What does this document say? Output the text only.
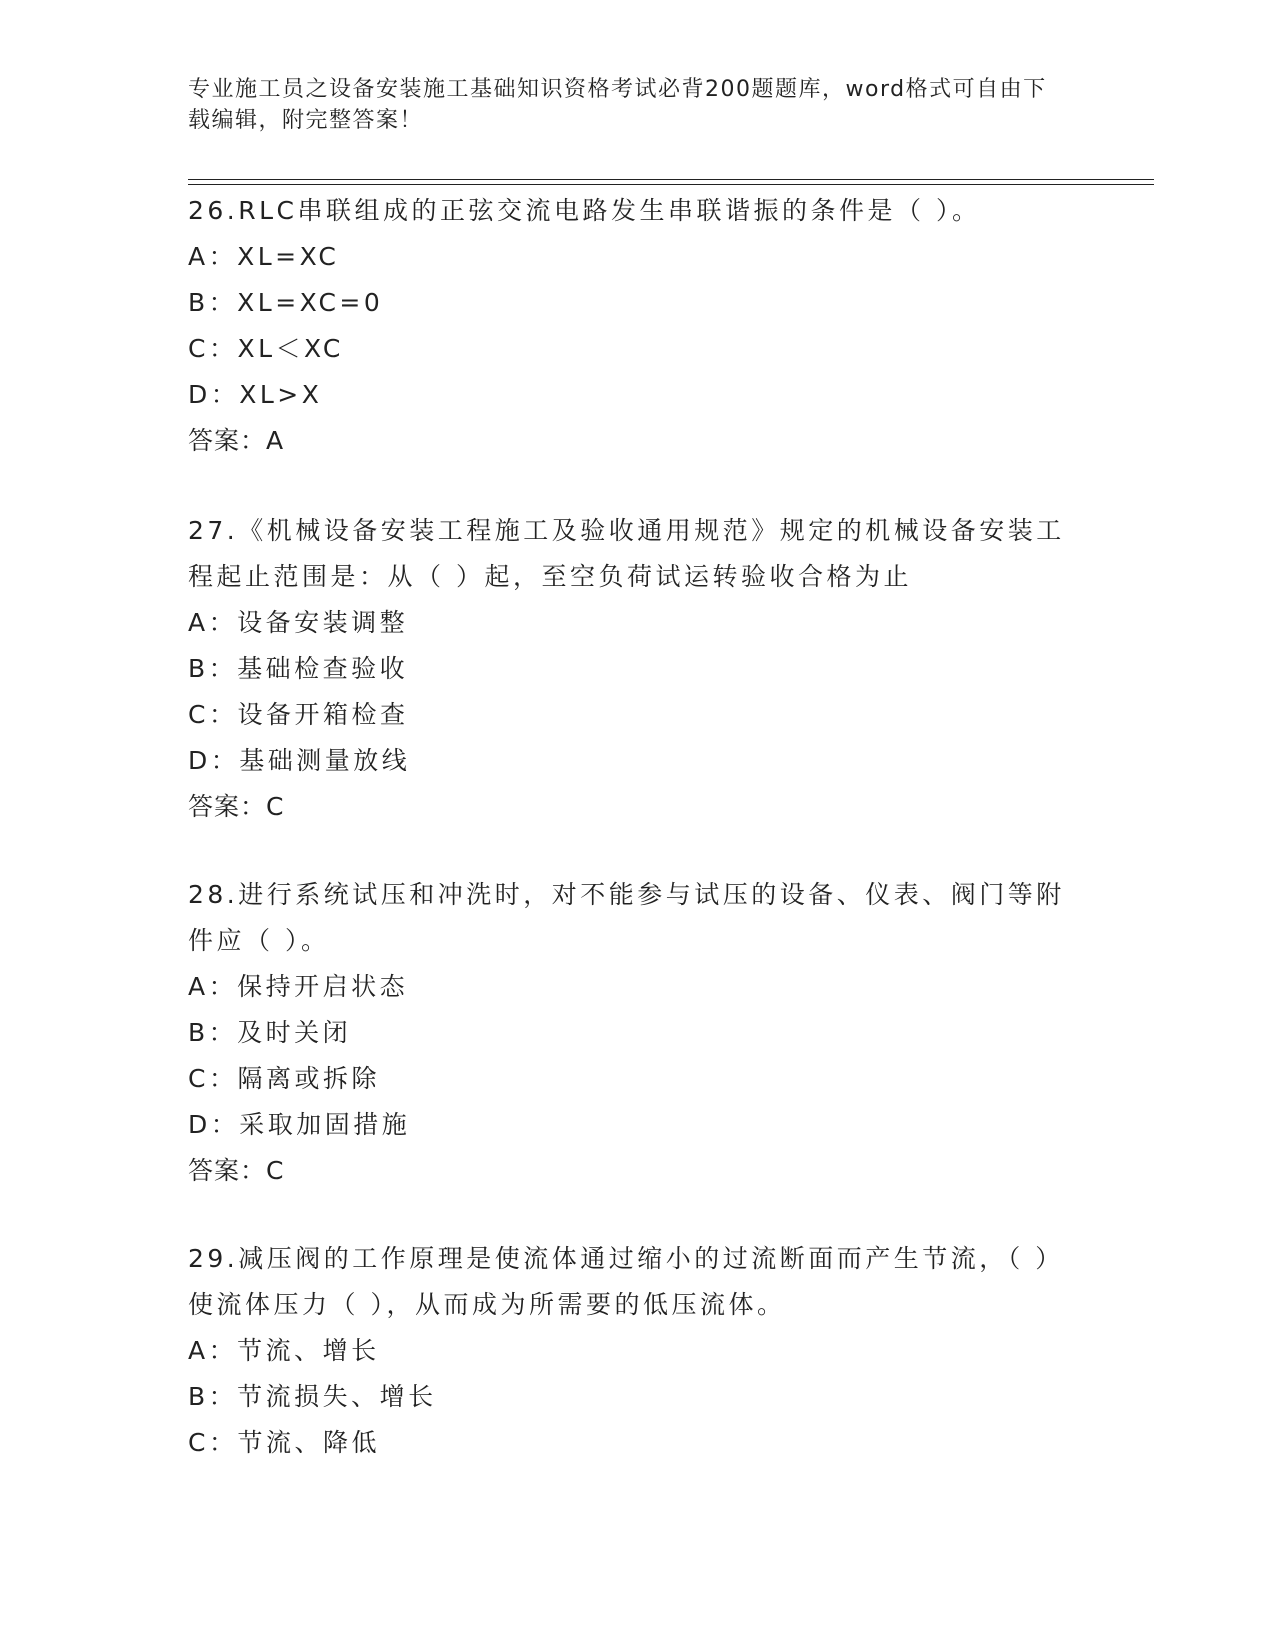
专业施工员之设备安装施工基础知识资格考试必背200题题库，word格式可自由下载编辑，附完整答案！
26.RLC串联组成的正弦交流电路发生串联谐振的条件是（ ）。
A：XL=XC
B：XL=XC=0
C：XL＜XC
D：XL>X
答案：A
27.《机械设备安装工程施工及验收通用规范》规定的机械设备安装工程起止范围是：从（ ）起，至空负荷试运转验收合格为止
A：设备安装调整
B：基础检查验收
C：设备开箱检查
D：基础测量放线
答案：C
28.进行系统试压和冲洗时，对不能参与试压的设备、仪表、阀门等附件应（ ）。
A：保持开启状态
B：及时关闭
C：隔离或拆除
D：采取加固措施
答案：C
29.减压阀的工作原理是使流体通过缩小的过流断面而产生节流，（ ）使流体压力（ ），从而成为所需要的低压流体。
A：节流、增长
B：节流损失、增长
C：节流、降低
